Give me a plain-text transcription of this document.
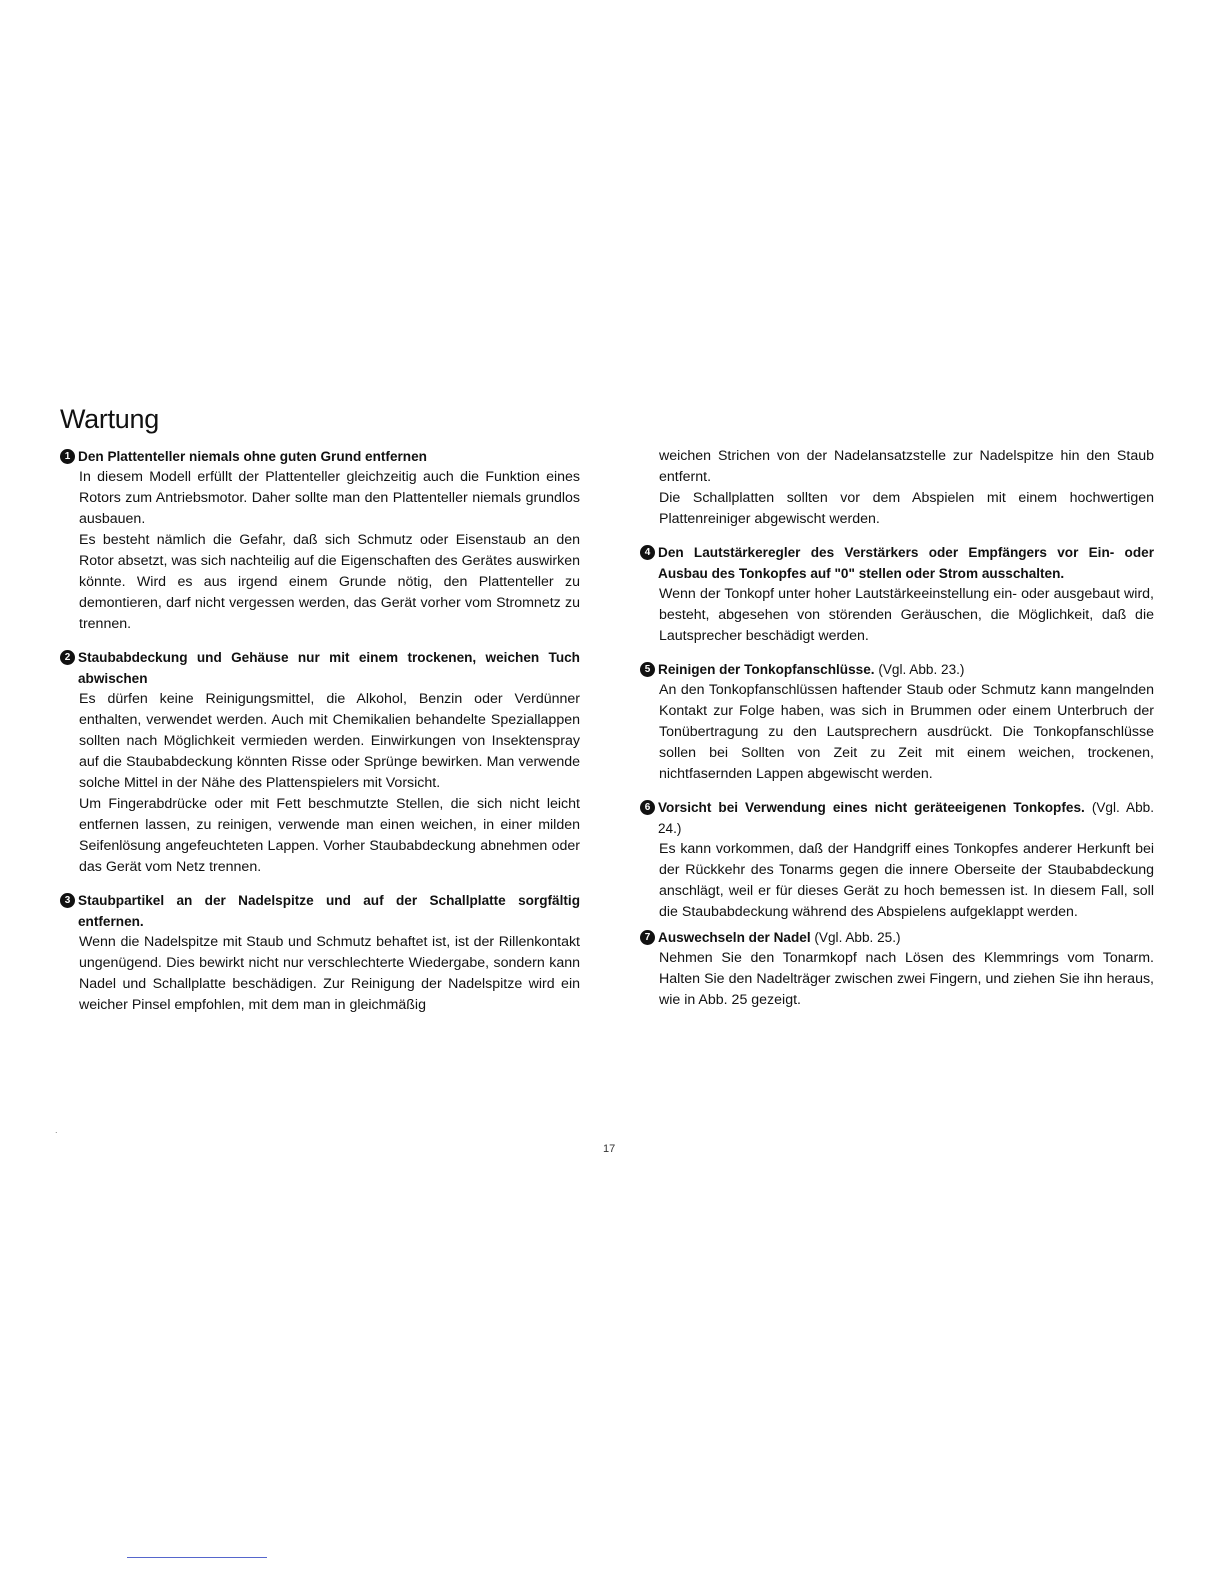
Wartung
1 Den Plattenteller niemals ohne guten Grund entfernen

In diesem Modell erfüllt der Plattenteller gleichzeitig auch die Funktion eines Rotors zum Antriebsmotor. Daher sollte man den Plattenteller niemals grundlos ausbauen.

Es besteht nämlich die Gefahr, daß sich Schmutz oder Eisenstaub an den Rotor absetzt, was sich nachteilig auf die Eigenschaften des Gerätes auswirken könnte. Wird es aus irgend einem Grunde nötig, den Plattenteller zu demontieren, darf nicht vergessen werden, das Gerät vorher vom Stromnetz zu trennen.

2 Staubabdeckung und Gehäuse nur mit einem trockenen, weichen Tuch abwischen

Es dürfen keine Reinigungsmittel, die Alkohol, Benzin oder Verdünner enthalten, verwendet werden. Auch mit Chemikalien behandelte Speziallappen sollten nach Möglichkeit vermieden werden. Einwirkungen von Insektenspray auf die Staubabdeckung könnten Risse oder Sprünge bewirken. Man verwende solche Mittel in der Nähe des Plattenspielers mit Vorsicht.

Um Fingerabdrücke oder mit Fett beschmutzte Stellen, die sich nicht leicht entfernen lassen, zu reinigen, verwende man einen weichen, in einer milden Seifenlösung angefeuchteten Lappen. Vorher Staubabdeckung abnehmen oder das Gerät vom Netz trennen.

3 Staubpartikel an der Nadelspitze und auf der Schallplatte sorgfältig entfernen.

Wenn die Nadelspitze mit Staub und Schmutz behaftet ist, ist der Rillenkontakt ungenügend. Dies bewirkt nicht nur verschlechterte Wiedergabe, sondern kann Nadel und Schallplatte beschädigen. Zur Reinigung der Nadelspitze wird ein weicher Pinsel empfohlen, mit dem man in gleichmäßig

weichen Strichen von der Nadelansatzstelle zur Nadelspitze hin den Staub entfernt.

Die Schallplatten sollten vor dem Abspielen mit einem hochwertigen Plattenreiniger abgewischt werden.

4 Den Lautstärkeregler des Verstärkers oder Empfängers vor Ein- oder Ausbau des Tonkopfes auf "0" stellen oder Strom ausschalten.

Wenn der Tonkopf unter hoher Lautstärkeeinstellung ein- oder ausgebaut wird, besteht, abgesehen von störenden Geräuschen, die Möglichkeit, daß die Lautsprecher beschädigt werden.

5 Reinigen der Tonkopfanschlüsse. (Vgl. Abb. 23.)

An den Tonkopfanschlüssen haftender Staub oder Schmutz kann mangelnden Kontakt zur Folge haben, was sich in Brummen oder einem Unterbruch der Tonübertragung zu den Lautsprechern ausdrückt. Die Tonkopfanschlüsse sollen bei Sollten von Zeit zu Zeit mit einem weichen, trockenen, nichtfasernden Lappen abgewischt werden.

6 Vorsicht bei Verwendung eines nicht geräteeigenen Tonkopfes. (Vgl. Abb. 24.)

Es kann vorkommen, daß der Handgriff eines Tonkopfes anderer Herkunft bei der Rückkehr des Tonarms gegen die innere Oberseite der Staubabdeckung anschlägt, weil er für dieses Gerät zu hoch bemessen ist. In diesem Fall, soll die Staubabdeckung während des Abspielens aufgeklappt werden.

7 Auswechseln der Nadel (Vgl. Abb. 25.)

Nehmen Sie den Tonarmkopf nach Lösen des Klemmrings vom Tonarm. Halten Sie den Nadelträger zwischen zwei Fingern, und ziehen Sie ihn heraus, wie in Abb. 25 gezeigt.

.
17
